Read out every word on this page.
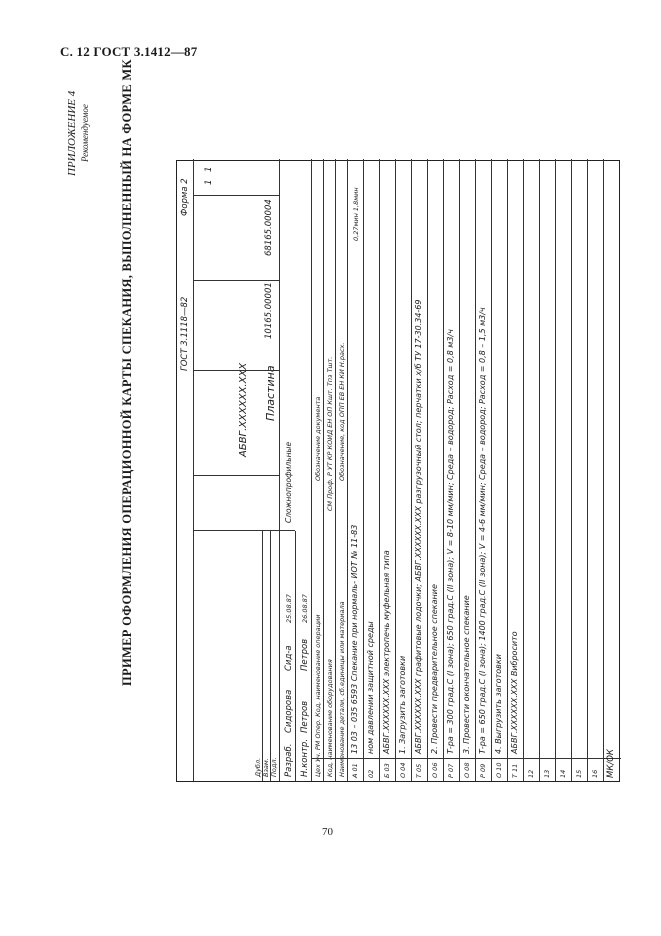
С. 12 ГОСТ 3.1412—87
ПРИЛОЖЕНИЕ 4 Рекомендуемое ПРИМЕР ОФОРМЛЕНИЯ ОПЕРАЦИОННОЙ КАРТЫ СПЕКАНИЯ, ВЫПОЛНЕННЫЙ НА ФОРМЕ МК	ГОСТ 3.1118—82
Форма 2
Дубл. Взам. Подл.
АБВГ.XXXXXX.XXX Пластина
10165.00001
68165.00004
1
1
Разраб.
Сидорова
Сид-а
25.08.87
Сложнопрофильные
Н.контр.
Петров
Петров
26.08.87
Цех Уч. РМ Опер. Код, наименование операции
Обозначение документа
Код, наименование оборудования
СМ Проф. Р УТ КР КОИД ЕН ОП Кшт. Тпз Тшт.
Наименование детали, сб.единицы или материала
Обозначение, код ОПП ЕВ ЕН КИ Н.расх.
0,27мин 1,8мин
А 01
13 03 – 035 6593 Спекание при нормаль- ИОТ № 11-83
02
ном давлении защитной среды
Б 03
АБВГ.XXXXXX.XXX электропечь муфельная типа
О 04
1. Загрузить заготовки
Т 05
АБВГ.XXXXXX.XXX графитовые лодочки; АБВГ.XXXXXX.XXX разгрузочный стол; перчатки х/б ТУ 17-30.34-69
О 06
2. Провести предварительное спекание
Р 07
Т-ра = 300 град.С (I зона); 650 град.С (II зона); V = 8-10 мм/мин; Среда – водород; Расход = 0,8 м3/ч
О 08
3. Провести окончательное спекание
Р 09
Т-ра = 650 град.С (I зона); 1400 град.С (II зона); V = 4-6 мм/мин; Среда – водород; Расход = 0,8 – 1,5 м3/ч
О 10
4. Выгрузить заготовки
Т 11
АБВГ.XXXXXX.XXX Вибросито
12 13 14 15 16 МК/ОК
70
